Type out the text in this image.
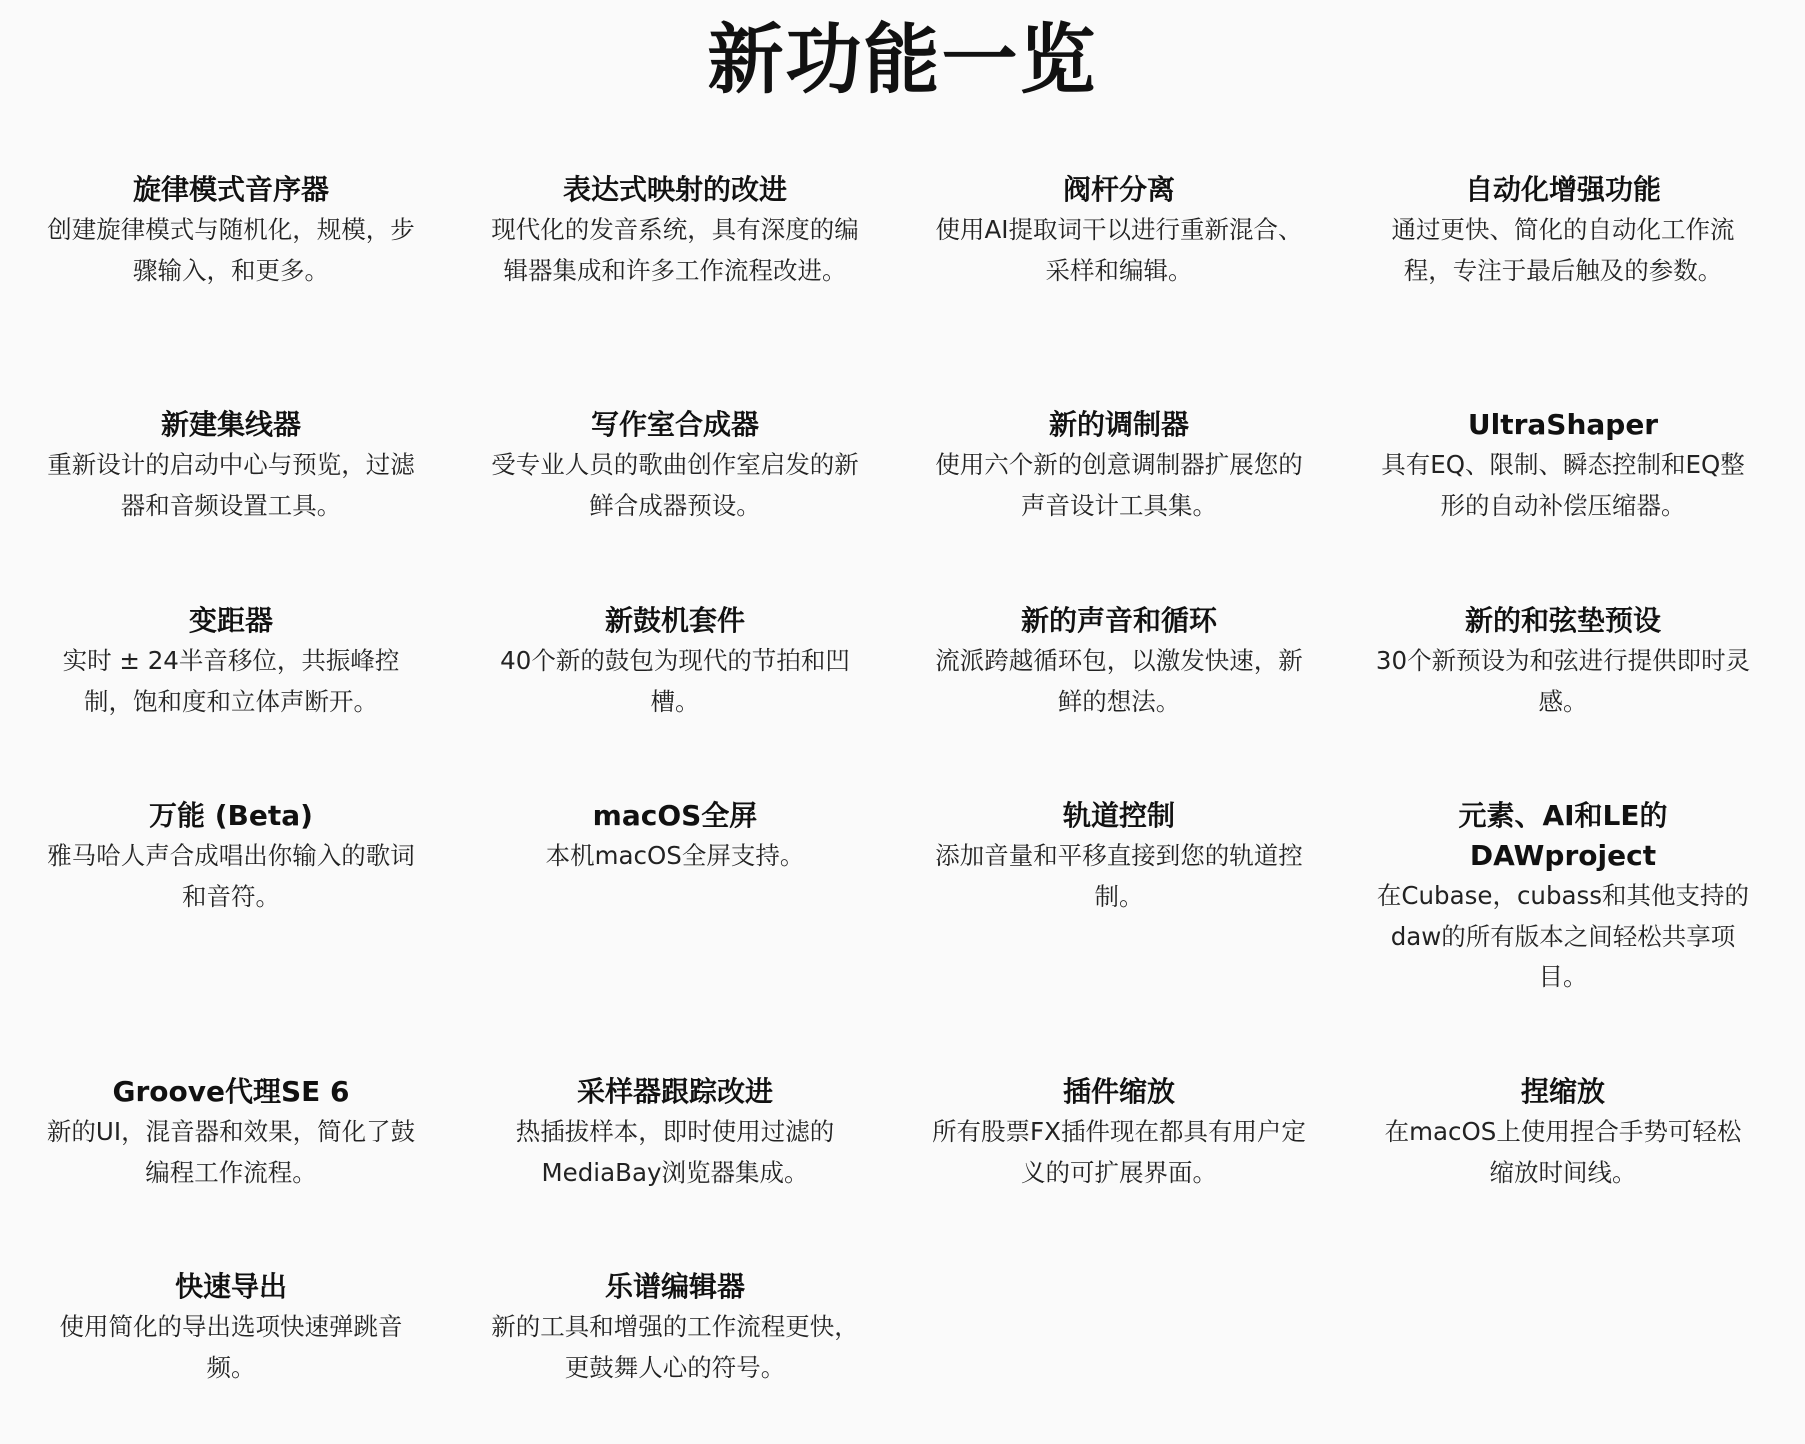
新功能一览
旋律模式音序器

创建旋律模式与随机化，规模，步骤输入，和更多。

表达式映射的改进

现代化的发音系统，具有深度的编辑器集成和许多工作流程改进。

阀杆分离

使用AI提取词干以进行重新混合、采样和编辑。

自动化增强功能

通过更快、简化的自动化工作流程，专注于最后触及的参数。

新建集线器

重新设计的启动中心与预览，过滤器和音频设置工具。

写作室合成器

受专业人员的歌曲创作室启发的新鲜合成器预设。

新的调制器

使用六个新的创意调制器扩展您的声音设计工具集。

UltraShaper

具有EQ、限制、瞬态控制和EQ整形的自动补偿压缩器。

变距器

实时 ± 24半音移位，共振峰控制，饱和度和立体声断开。

新鼓机套件

40个新的鼓包为现代的节拍和凹槽。

新的声音和循环

流派跨越循环包，以激发快速，新鲜的想法。

新的和弦垫预设

30个新预设为和弦进行提供即时灵感。

万能 (Beta)

雅马哈人声合成唱出你输入的歌词和音符。

macOS全屏

本机macOS全屏支持。

轨道控制

添加音量和平移直接到您的轨道控制。

元素、AI和LE的DAWproject

在Cubase，cubass和其他支持的daw的所有版本之间轻松共享项目。

Groove代理SE 6

新的UI，混音器和效果，简化了鼓编程工作流程。

采样器跟踪改进

热插拔样本，即时使用过滤的MediaBay浏览器集成。

插件缩放

所有股票FX插件现在都具有用户定义的可扩展界面。

捏缩放

在macOS上使用捏合手势可轻松缩放时间线。

快速导出

使用简化的导出选项快速弹跳音频。

乐谱编辑器

新的工具和增强的工作流程更快，更鼓舞人心的符号。
